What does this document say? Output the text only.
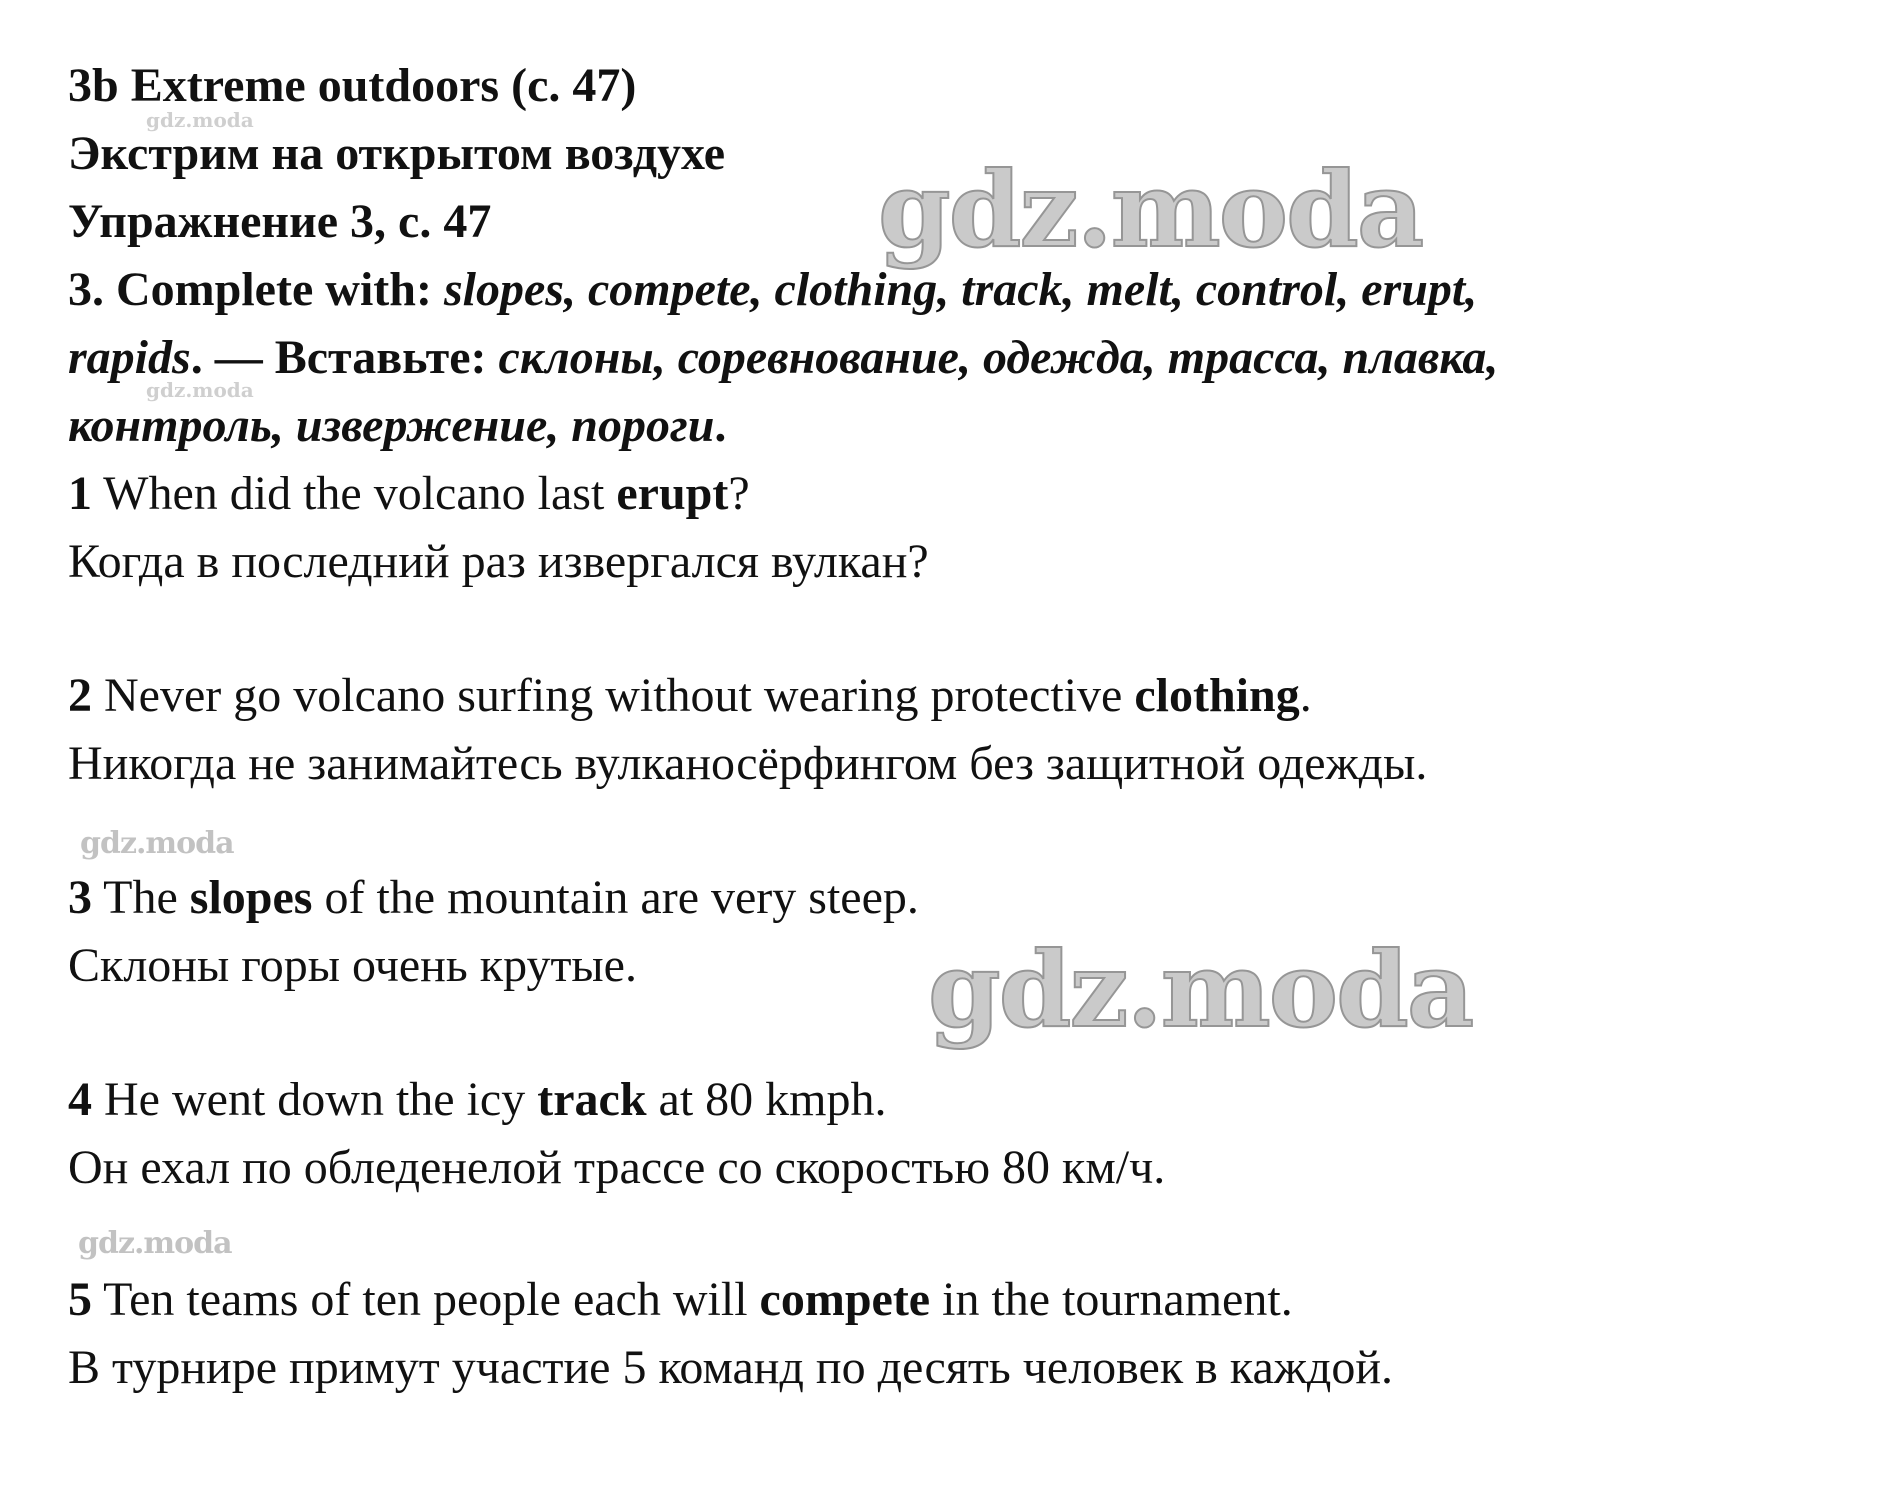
gdz.moda
gdz.moda
gdz.moda
gdz.moda
gdz.moda
gdz.moda
3b Extreme outdoors (с. 47)
Экстрим на открытом воздухе
Упражнение 3, с. 47
3. Complete with: slopes, compete, clothing, track, melt, control, erupt,
rapids. — Вставьте: склоны, соревнование, одежда, трасса, плавка,
контроль, извержение, пороги.
1 When did the volcano last erupt?
Когда в последний раз извергался вулкан?
2 Never go volcano surfing without wearing protective clothing.
Никогда не занимайтесь вулканосёрфингом без защитной одежды.
3 The slopes of the mountain are very steep.
Склоны горы очень крутые.
4 He went down the icy track at 80 kmph.
Он ехал по обледенелой трассе со скоростью 80 км/ч.
5 Ten teams of ten people each will compete in the tournament.
В турнире примут участие 5 команд по десять человек в каждой.
